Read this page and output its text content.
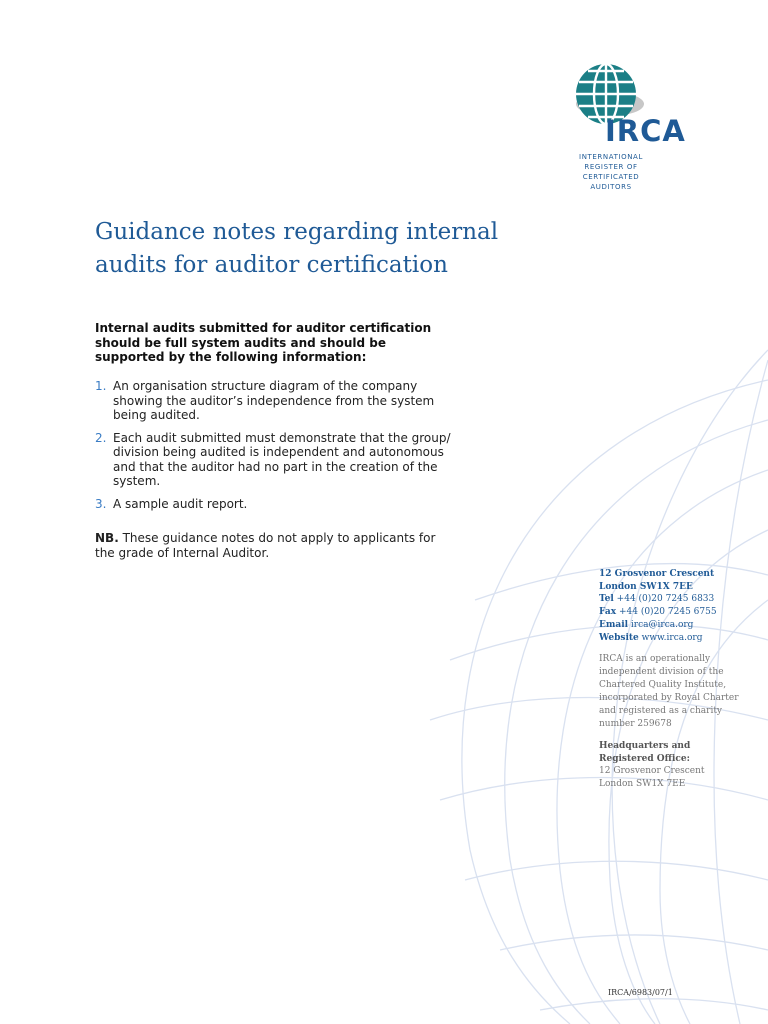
IRCA
INTERNATIONAL
REGISTER OF
CERTIFICATED
AUDITORS
Guidance notes regarding internal
audits for auditor certification
Internal audits submitted for auditor certification should be full system audits and should be supported by the following information:
1. An organisation structure diagram of the company showing the auditor’s independence from the system being audited.
2. Each audit submitted must demonstrate that the group/ division being audited is independent and autonomous and that the auditor had no part in the creation of the system.
3. A sample audit report.
NB. These guidance notes do not apply to applicants for the grade of Internal Auditor.
12 Grosvenor Crescent
London SW1X 7EE
Tel +44 (0)20 7245 6833
Fax +44 (0)20 7245 6755
Email irca@irca.org
Website www.irca.org
IRCA is an operationally
independent division of the
Chartered Quality Institute,
incorporated by Royal Charter
and registered as a charity
number 259678
Headquarters and
Registered Office:
12 Grosvenor Crescent
London SW1X 7EE
IRCA/6983/07/1
